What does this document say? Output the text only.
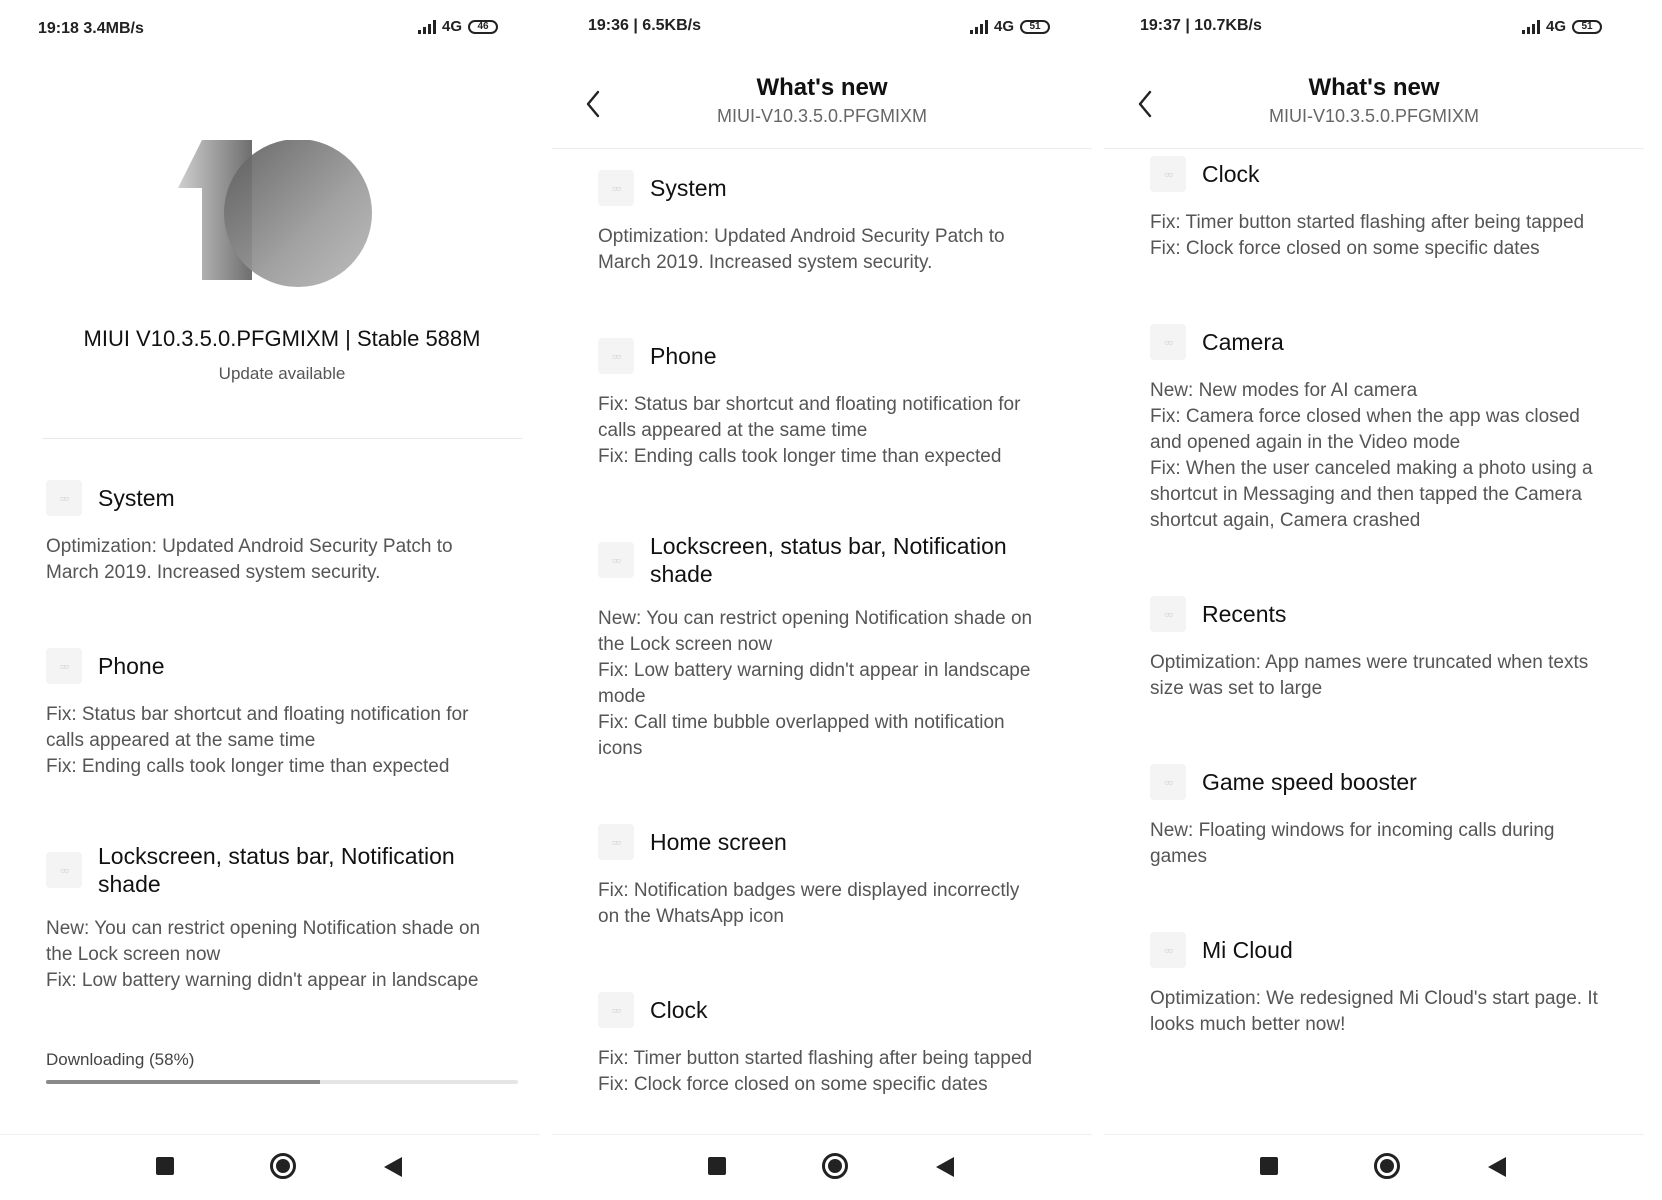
19:18 3.4MB/s	4G	46
MIUI V10.3.5.0.PFGMIXM | Stable 588M
Update available
▫▫ System
Optimization: Updated Android Security Patch to
March 2019. Increased system security.
▫▫ Phone
Fix: Status bar shortcut and floating notification for
calls appeared at the same time
Fix: Ending calls took longer time than expected
▫▫
Lockscreen, status bar, Notification shade
New: You can restrict opening Notification shade on
the Lock screen now
Fix: Low battery warning didn't appear in landscape
Downloading (58%)
19:36 | 6.5KB/s	4G	51
What's new
MIUI-V10.3.5.0.PFGMIXM
▫▫ System
Optimization: Updated Android Security Patch to
March 2019. Increased system security.
▫▫ Phone
Fix: Status bar shortcut and floating notification for
calls appeared at the same time
Fix: Ending calls took longer time than expected
▫▫
Lockscreen, status bar, Notification shade
New: You can restrict opening Notification shade on
the Lock screen now
Fix: Low battery warning didn't appear in landscape
mode
Fix: Call time bubble overlapped with notification
icons
▫▫ Home screen
Fix: Notification badges were displayed incorrectly
on the WhatsApp icon
▫▫ Clock
Fix: Timer button started flashing after being tapped
Fix: Clock force closed on some specific dates
19:37 | 10.7KB/s	4G	51
What's new
MIUI-V10.3.5.0.PFGMIXM
▫▫ Clock
Fix: Timer button started flashing after being tapped
Fix: Clock force closed on some specific dates
▫▫ Camera
New: New modes for AI camera
Fix: Camera force closed when the app was closed
and opened again in the Video mode
Fix: When the user canceled making a photo using a
shortcut in Messaging and then tapped the Camera
shortcut again, Camera crashed
▫▫ Recents
Optimization: App names were truncated when texts
size was set to large
▫▫ Game speed booster
New: Floating windows for incoming calls during
games
▫▫ Mi Cloud
Optimization: We redesigned Mi Cloud's start page. It
looks much better now!
